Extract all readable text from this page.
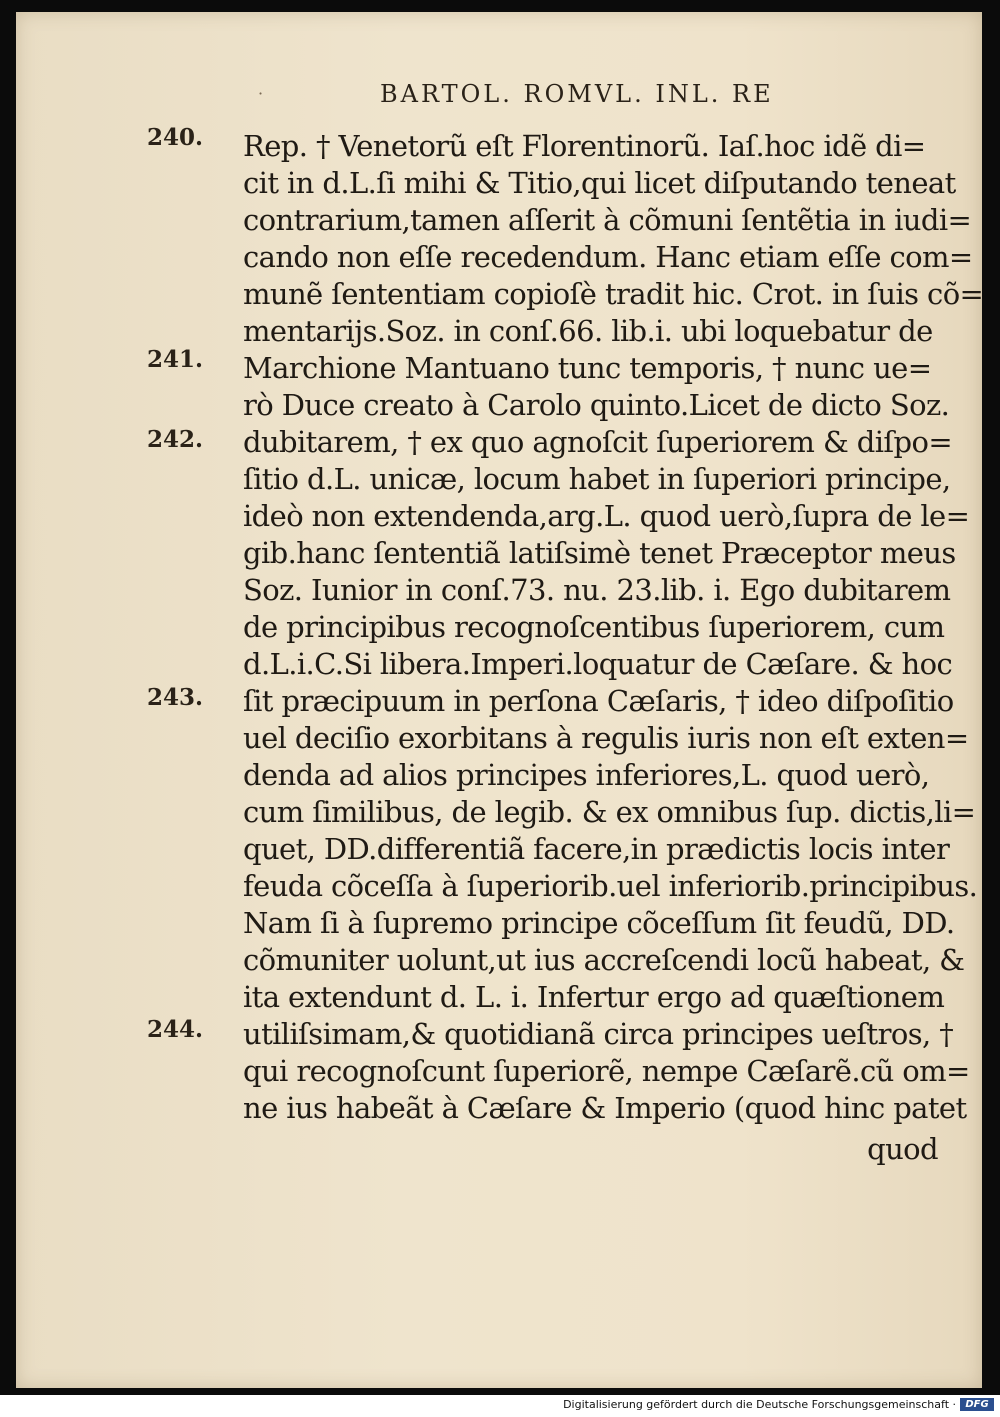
·	BARTOL. ROMVL. INL. RE
240.
241.
242.
243.
244.
Rep. † Venetorũ eſt Florentinorũ. Iaſ.hoc idẽ di=
cit in d.L.ſi mihi & Titio,qui licet diſputando teneat
contrarium,tamen aſſerit à cõmuni ſentẽtia in iudi=
cando non eſſe recedendum. Hanc etiam eſſe com=
munẽ ſententiam copioſè tradit hic. Crot. in ſuis cõ=
mentarijs.Soz. in conſ.66. lib.i. ubi loquebatur de
Marchione Mantuano tunc temporis, † nunc ue=
rò Duce creato à Carolo quinto.Licet de dicto Soz.
dubitarem, † ex quo agnoſcit ſuperiorem & diſpo=
ſitio d.L. unicæ, locum habet in ſuperiori principe,
ideò non extendenda,arg.L. quod uerò,ſupra de le=
gib.hanc ſententiã latiſsimè tenet Præceptor meus
Soz. Iunior in conſ.73. nu. 23.lib. i. Ego dubitarem
de principibus recognoſcentibus ſuperiorem, cum
d.L.i.C.Si libera.Imperi.loquatur de Cæſare. & hoc
ſit præcipuum in perſona Cæſaris, † ideo diſpoſitio
uel deciſio exorbitans à regulis iuris non eſt exten=
denda ad alios principes inferiores,L. quod uerò,
cum ſimilibus, de legib. & ex omnibus ſup. dictis,li=
quet, DD.differentiã facere,in prædictis locis inter
feuda cõceſſa à ſuperiorib.uel inferiorib.principibus.
Nam ſi à ſupremo principe cõceſſum ſit feudũ, DD.
cõmuniter uolunt,ut ius accreſcendi locũ habeat, &
ita extendunt d. L. i. Infertur ergo ad quæſtionem
utiliſsimam,& quotidianã circa principes ueſtros, †
qui recognoſcunt ſuperiorẽ, nempe Cæſarẽ.cũ om=
ne ius habeãt à Cæſare & Imperio (quod hinc patet
quod
Digitalisierung gefördert durch die Deutsche Forschungsgemeinschaft · DFG
